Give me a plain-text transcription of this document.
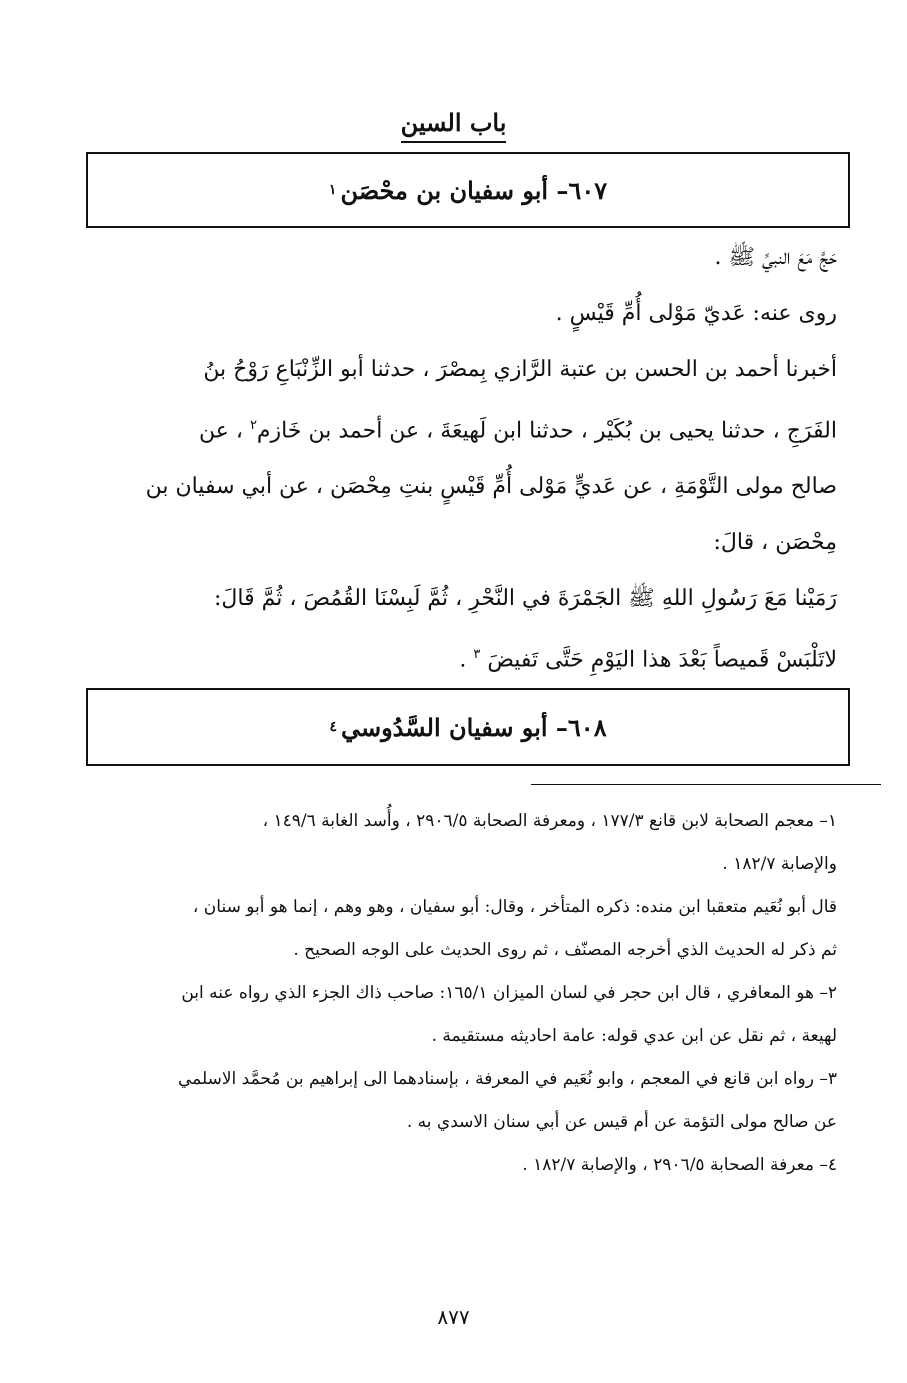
باب السين
٦٠٧– أبو سفيان بن محْصَن
١
حَجَّ مَعَ النبيِّ ﷺ .
روى عنه: عَديّ مَوْلى أُمِّ قَيْسٍ .
أخبرنا أحمد بن الحسن بن عتبة الرَّازي بِمصْرَ ، حدثنا أبو الزِّنْبَاعِ رَوْحُ بنُ
الفَرَجِ ، حدثنا يحيى بن بُكَيْر ، حدثنا ابن لَهيعَةَ ، عن أحمد بن خَازم$^٢$ ، عن
صالح مولى التَّوْمَةِ ، عن عَديٍّ مَوْلى أُمِّ قَيْسٍ بنتِ مِحْصَن ، عن أبي سفيان بن
مِحْصَن ، قالَ:
رَمَيْنا مَعَ رَسُولِ اللهِ ﷺ الجَمْرَةَ في النَّحْرِ ، ثُمَّ لَبِسْنَا القُمُصَ ، ثُمَّ قَالَ:
لاتَلْبَسْ قَميصاً بَعْدَ هذا اليَوْمِ حَتَّى تَفيضَ $^٣$ .
٦٠٨– أبو سفيان السَّدُوسي
٤
١– معجم الصحابة لابن قانع ١٧٧/٣ ، ومعرفة الصحابة ٢٩٠٦/٥ ، وأُسد الغابة ١٤٩/٦ ،
والإصابة ١٨٢/٧ .
قال أبو نُعَيم متعقبا ابن منده: ذكره المتأخر ، وقال: أبو سفيان ، وهو وهم ، إنما هو أبو سنان ،
ثم ذكر له الحديث الذي أخرجه المصنّف ، ثم روى الحديث على الوجه الصحيح .
٢– هو المعافري ، قال ابن حجر في لسان الميزان ١٦٥/١: صاحب ذاك الجزء الذي رواه عنه ابن
لهيعة ، ثم نقل عن ابن عدي قوله: عامة احاديثه مستقيمة .
٣– رواه ابن قانع في المعجم ، وابو نُعَيم في المعرفة ، بإسنادهما الى إبراهيم بن مُحمَّد الاسلمي
عن صالح مولى التؤمة عن أم قيس عن أبي سنان الاسدي به .
٤– معرفة الصحابة ٢٩٠٦/٥ ، والإصابة ١٨٢/٧ .
٨٧٧
